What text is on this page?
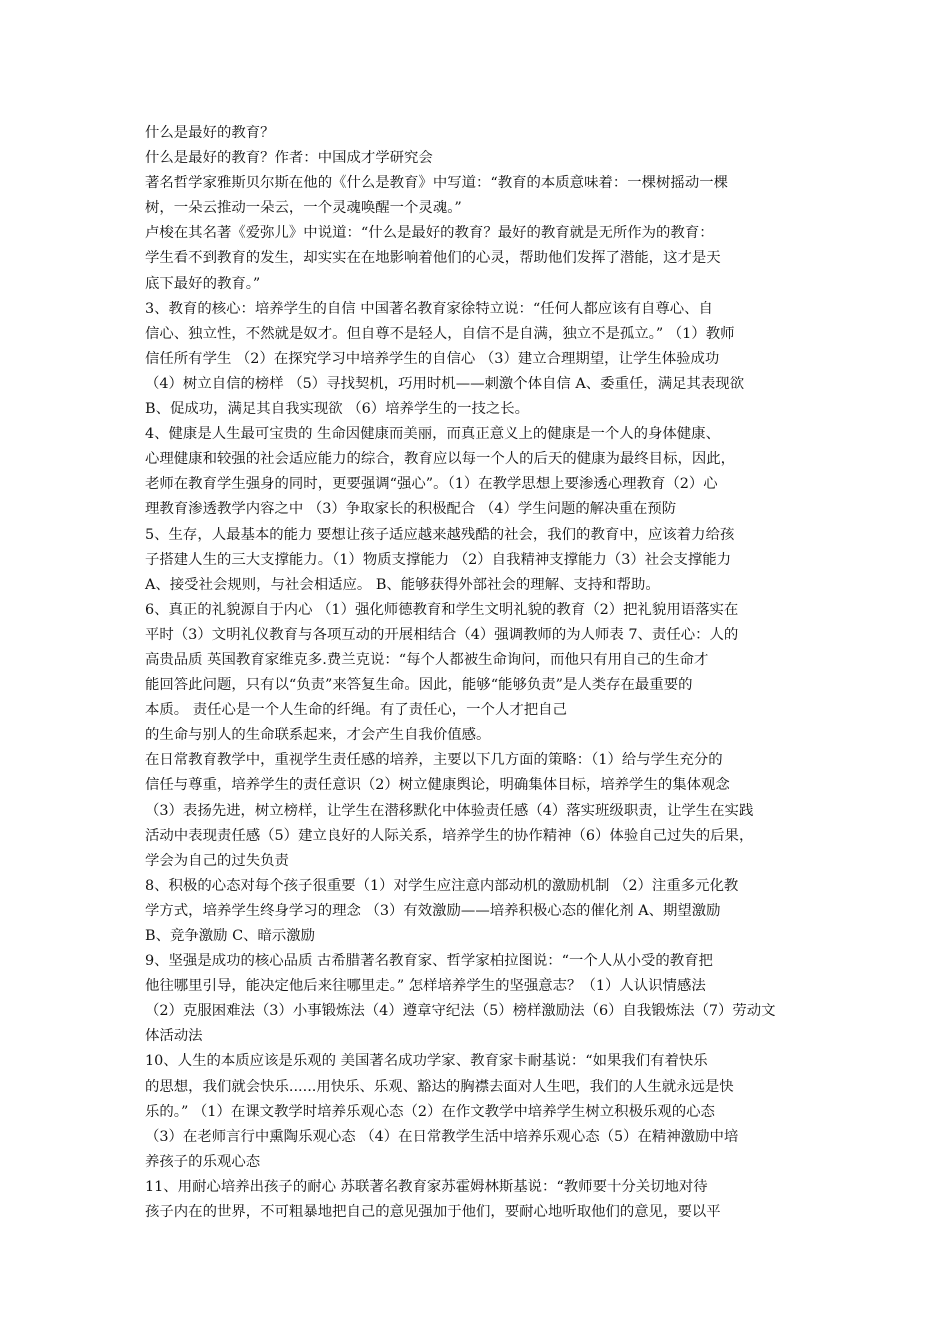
什么是最好的教育？
什么是最好的教育？作者：中国成才学研究会
著名哲学家雅斯贝尔斯在他的《什么是教育》中写道：“教育的本质意味着：一棵树摇动一棵
树，一朵云推动一朵云，一个灵魂唤醒一个灵魂。”
卢梭在其名著《爱弥儿》中说道：“什么是最好的教育？最好的教育就是无所作为的教育：
学生看不到教育的发生，却实实在在地影响着他们的心灵，帮助他们发挥了潜能，这才是天
底下最好的教育。”
3、教育的核心：培养学生的自信 中国著名教育家徐特立说：“任何人都应该有自尊心、自
信心、独立性，不然就是奴才。但自尊不是轻人，自信不是自满，独立不是孤立。” （1）教师
信任所有学生 （2）在探究学习中培养学生的自信心 （3）建立合理期望，让学生体验成功
（4）树立自信的榜样 （5）寻找契机，巧用时机——刺激个体自信 A、委重任，满足其表现欲
B、促成功，满足其自我实现欲 （6）培养学生的一技之长。
4、健康是人生最可宝贵的 生命因健康而美丽，而真正意义上的健康是一个人的身体健康、
心理健康和较强的社会适应能力的综合，教育应以每一个人的后天的健康为最终目标，因此，
老师在教育学生强身的同时，更要强调“强心”。（1）在教学思想上要渗透心理教育（2）心
理教育渗透教学内容之中 （3）争取家长的积极配合 （4）学生问题的解决重在预防
5、生存，人最基本的能力 要想让孩子适应越来越残酷的社会，我们的教育中，应该着力给孩
子搭建人生的三大支撑能力。（1）物质支撑能力 （2）自我精神支撑能力（3）社会支撑能力
A、接受社会规则，与社会相适应。 B、能够获得外部社会的理解、支持和帮助。
6、真正的礼貌源自于内心 （1）强化师德教育和学生文明礼貌的教育（2）把礼貌用语落实在
平时（3）文明礼仪教育与各项互动的开展相结合（4）强调教师的为人师表 7、责任心：人的
高贵品质 英国教育家维克多.费兰克说：“每个人都被生命询问，而他只有用自己的生命才
能回答此问题，只有以“负责”来答复生命。因此，能够“能够负责”是人类存在最重要的
本质。 责任心是一个人生命的纤绳。有了责任心，一个人才把自己
的生命与别人的生命联系起来，才会产生自我价值感。
在日常教育教学中，重视学生责任感的培养，主要以下几方面的策略：（1）给与学生充分的
信任与尊重，培养学生的责任意识（2）树立健康舆论，明确集体目标，培养学生的集体观念
（3）表扬先进，树立榜样，让学生在潜移默化中体验责任感（4）落实班级职责，让学生在实践
活动中表现责任感（5）建立良好的人际关系，培养学生的协作精神（6）体验自己过失的后果，
学会为自己的过失负责
8、积极的心态对每个孩子很重要（1）对学生应注意内部动机的激励机制 （2）注重多元化教
学方式，培养学生终身学习的理念 （3）有效激励——培养积极心态的催化剂 A、期望激励
B、竞争激励 C、暗示激励
9、坚强是成功的核心品质 古希腊著名教育家、哲学家柏拉图说：“一个人从小受的教育把
他往哪里引导，能决定他后来往哪里走。” 怎样培养学生的坚强意志？（1）人认识情感法
（2）克服困难法（3）小事锻炼法（4）遵章守纪法（5）榜样激励法（6）自我锻炼法（7）劳动文
体活动法
10、人生的本质应该是乐观的 美国著名成功学家、教育家卡耐基说：“如果我们有着快乐
的思想，我们就会快乐......用快乐、乐观、豁达的胸襟去面对人生吧，我们的人生就永远是快
乐的。” （1）在课文教学时培养乐观心态（2）在作文教学中培养学生树立积极乐观的心态
（3）在老师言行中熏陶乐观心态 （4）在日常教学生活中培养乐观心态（5）在精神激励中培
养孩子的乐观心态
11、用耐心培养出孩子的耐心 苏联著名教育家苏霍姆林斯基说：“教师要十分关切地对待
孩子内在的世界，不可粗暴地把自己的意见强加于他们，要耐心地听取他们的意见，要以平
